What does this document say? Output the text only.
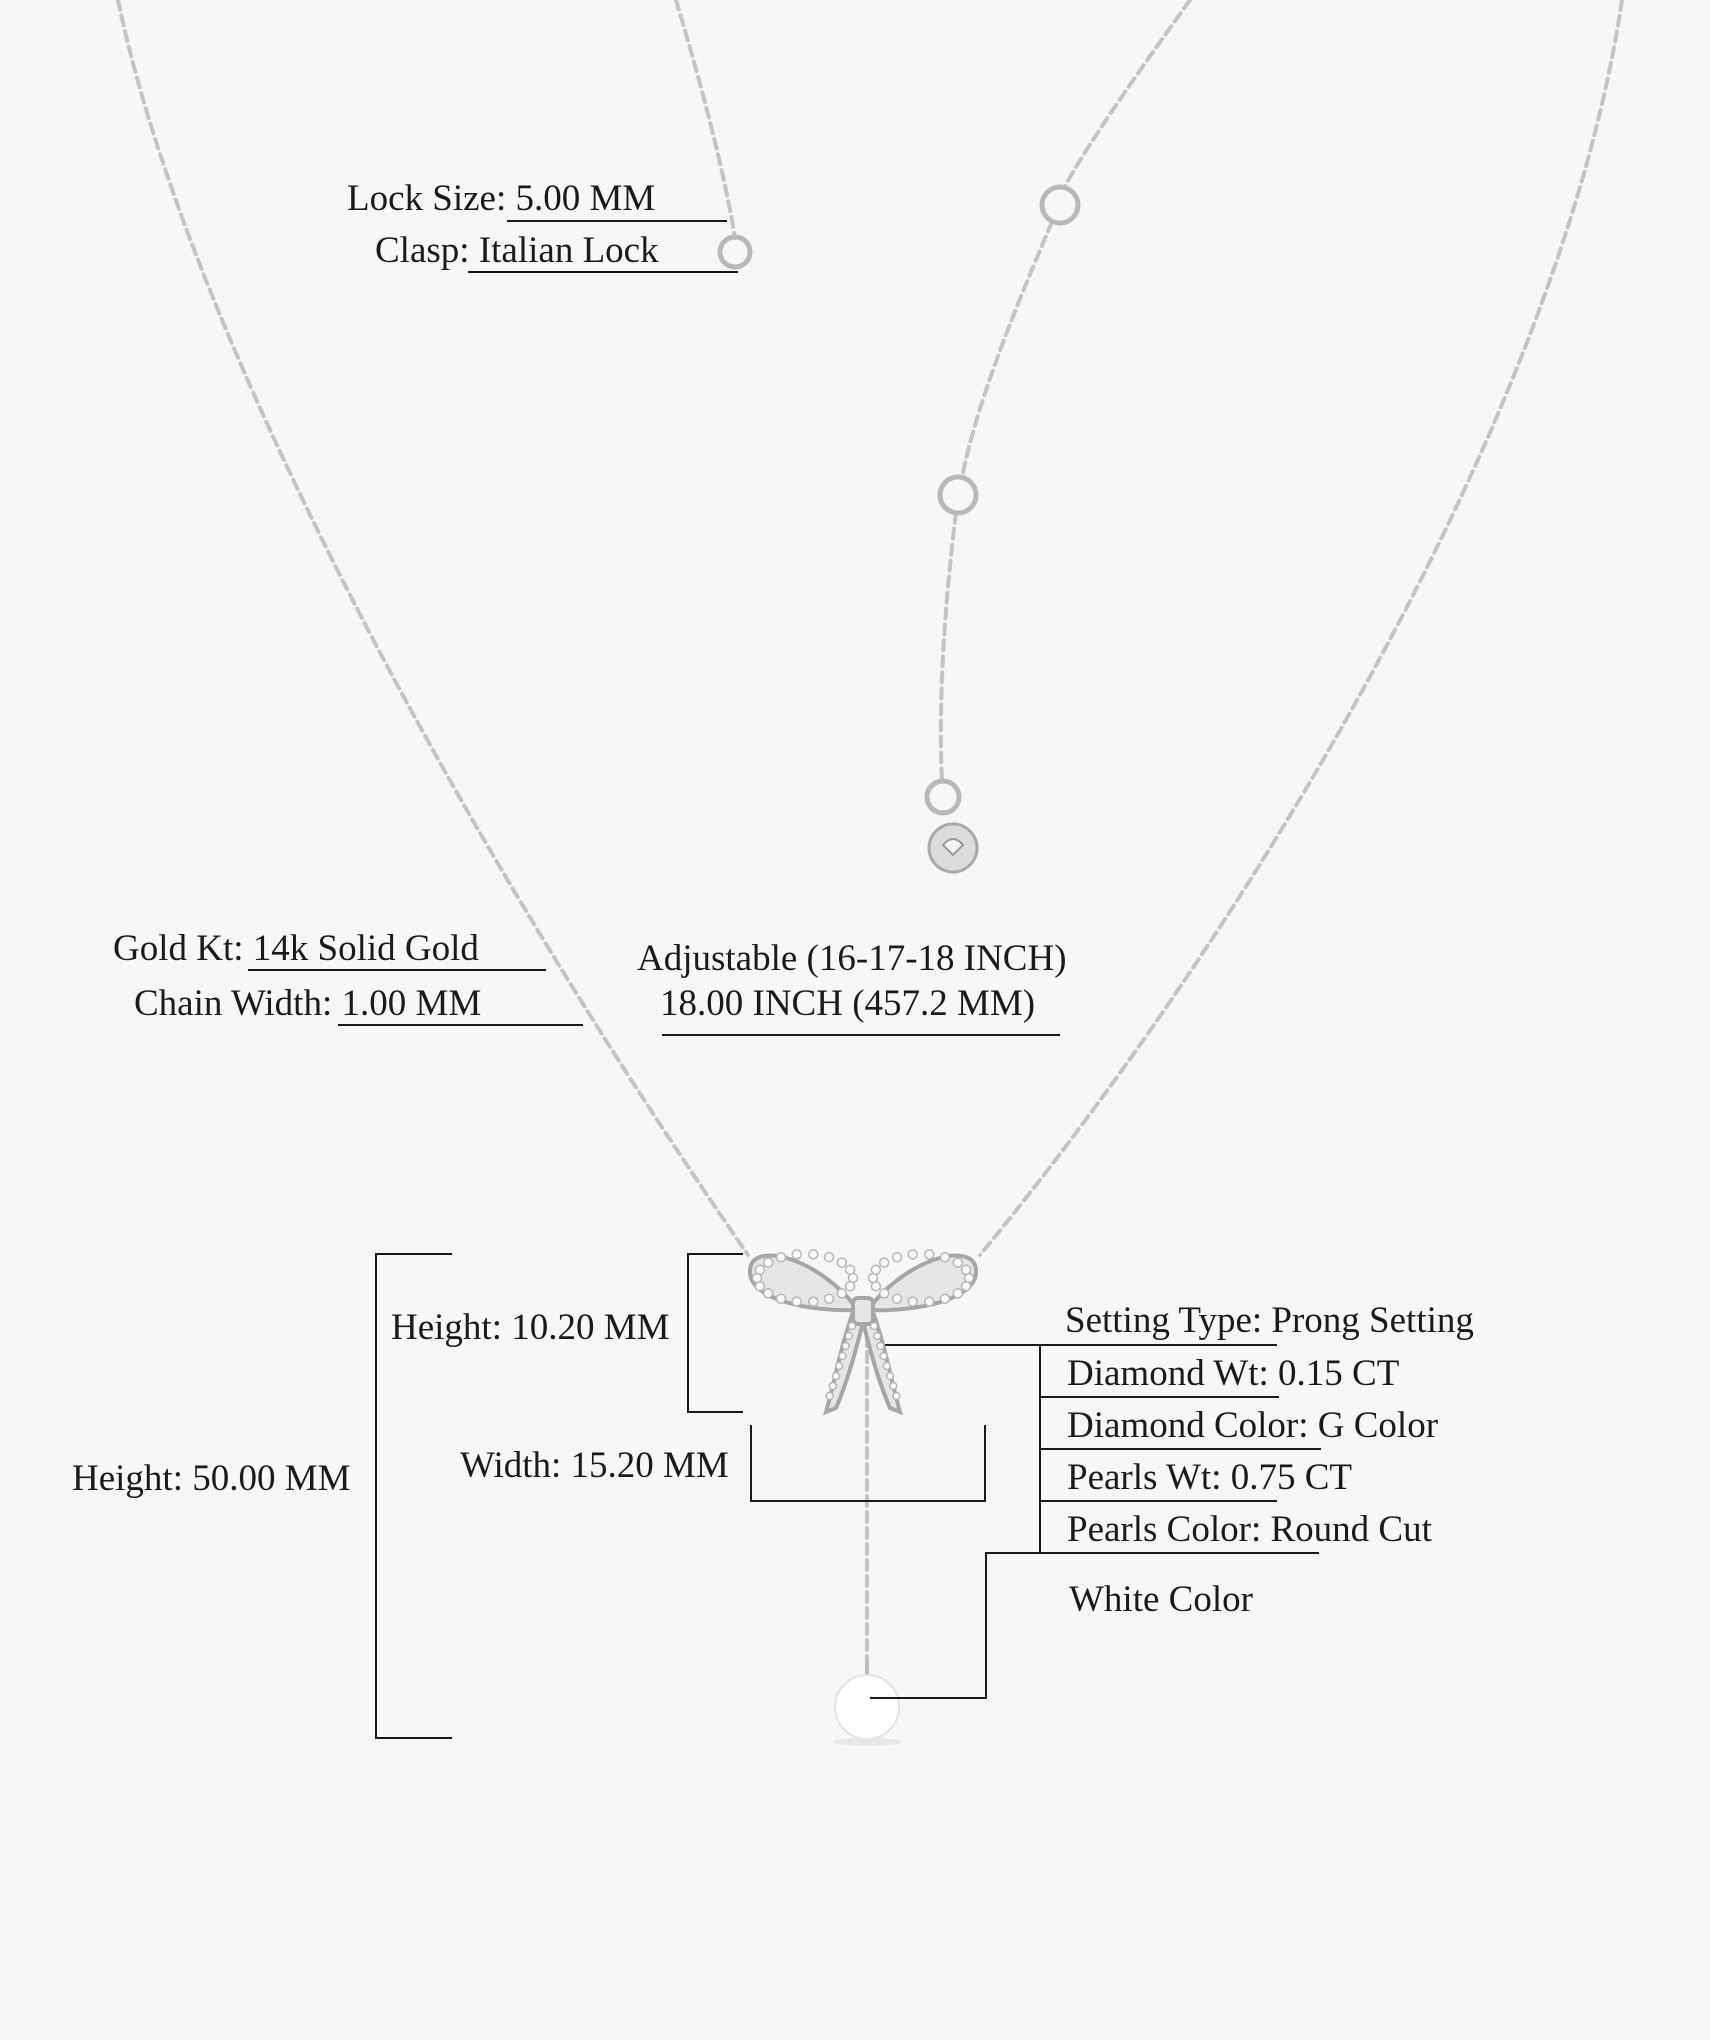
Lock Size: 5.00 MM
Clasp: Italian Lock
Gold Kt: 14k Solid Gold
Chain Width: 1.00 MM
Adjustable (16-17-18 INCH)
18.00 INCH (457.2 MM)
Height: 50.00 MM
Height: 10.20 MM
Width: 15.20 MM
Setting Type: Prong Setting
Diamond Wt: 0.15 CT
Diamond Color: G Color
Pearls Wt: 0.75 CT
Pearls Color: Round Cut
White Color
